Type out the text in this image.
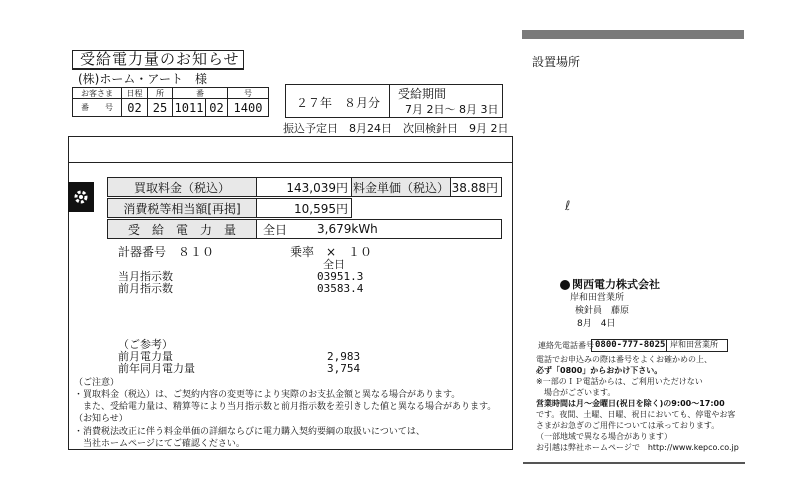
受給電力量のお知らせ
(株)ホーム・アート　様
お客さま
番　　号
日程	所	番	号
02 25 1011 02 1400	２７年　８月分
受給期間
7月 2日～ 8月 3日
振込予定日　8月24日　次回検針日　9月 2日
買取料金（税込）	143,039円 料金単価（税込） 38.88円
消費税等相当額[再掲]	10,595円
受　給　電　力　量	全日	3,679kWh
計器番号　８１０	乗率　×　１０
全日
当月指示数	03951.3
前月指示数	03583.4
（ご参考）
前月電力量	2,983
前年同月電力量	3,754
（ご注意）
・買取料金（税込）は、ご契約内容の変更等により実際のお支払金額と異なる場合があります。
　また、受給電力量は、精算等により当月指示数と前月指示数を差引きした値と異なる場合があります。
（お知らせ）
・消費税法改正に伴う料金単価の詳細ならびに電力購入契約要綱の取扱いについては、
　当社ホームページにてご確認ください。
設置場所
ℓ
関西電力株式会社
岸和田営業所
検針員　藤原
8月　4日
連絡先電話番号 0800-777-8025 岸和田営業所
電話でお申込みの際は番号をよくお確かめの上、
必ず「0800」からおかけ下さい。
※一部のＩＰ電話からは、ご利用いただけない
　場合がございます。
営業時間は月～金曜日(祝日を除く)の9:00～17:00
です。夜間、土曜、日曜、祝日においても、停電やお客
さまがお急ぎのご用件については承っております。
（一部地域で異なる場合があります）
お引越は弊社ホームページで　http://www.kepco.co.jp
